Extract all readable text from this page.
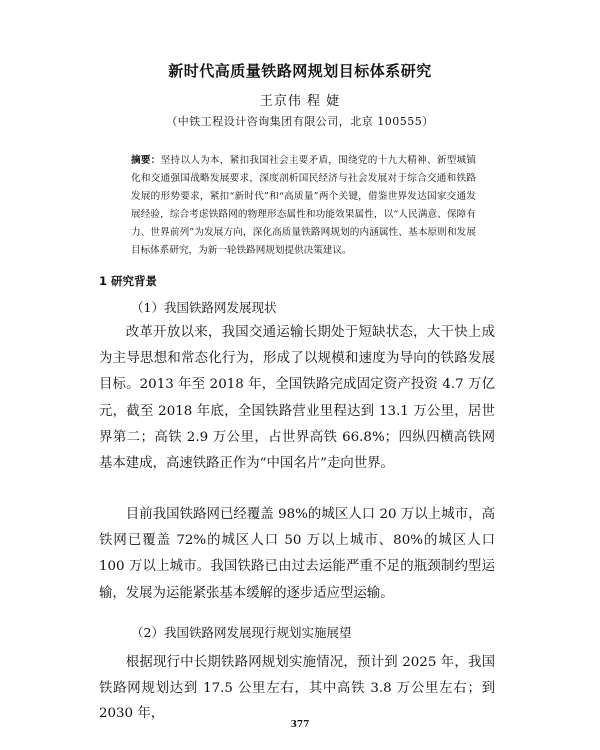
新时代高质量铁路网规划目标体系研究
王京伟 程 婕
（中铁工程设计咨询集团有限公司，北京 100555）
摘要：坚持以人为本，紧扣我国社会主要矛盾，围绕党的十九大精神、新型城镇化和交通强国战略发展要求，深度剖析国民经济与社会发展对于综合交通和铁路发展的形势要求，紧扣“新时代”和“高质量”两个关键，借鉴世界发达国家交通发展经验，综合考虑铁路网的物理形态属性和功能效果属性，以“人民满意、保障有力、世界前列”为发展方向，深化高质量铁路网规划的内涵属性、基本原则和发展目标体系研究，为新一轮铁路网规划提供决策建议。
1 研究背景
（1）我国铁路网发展现状
改革开放以来，我国交通运输长期处于短缺状态，大干快上成为主导思想和常态化行为，形成了以规模和速度为导向的铁路发展目标。2013 年至 2018 年，全国铁路完成固定资产投资 4.7 万亿元，截至 2018 年底，全国铁路营业里程达到 13.1 万公里，居世界第二；高铁 2.9 万公里，占世界高铁 66.8%；四纵四横高铁网基本建成，高速铁路正作为“中国名片”走向世界。
目前我国铁路网已经覆盖 98%的城区人口 20 万以上城市，高铁网已覆盖 72%的城区人口 50 万以上城市、80%的城区人口 100 万以上城市。我国铁路已由过去运能严重不足的瓶颈制约型运输，发展为运能紧张基本缓解的逐步适应型运输。
（2）我国铁路网发展现行规划实施展望
根据现行中长期铁路网规划实施情况，预计到 2025 年，我国铁路网规划达到 17.5 公里左右，其中高铁 3.8 万公里左右；到 2030 年，
377
